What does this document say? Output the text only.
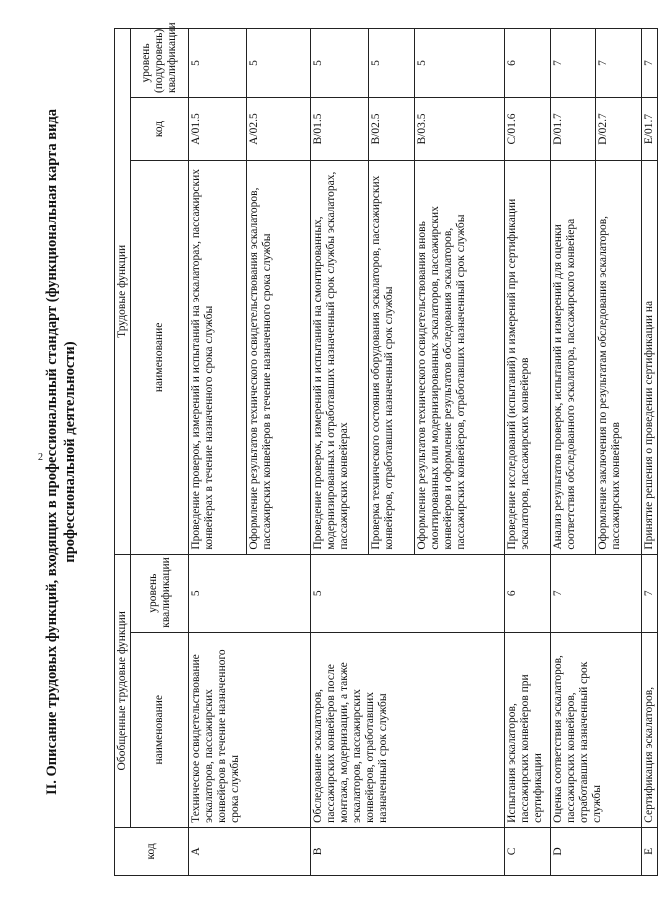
2 II. Описание трудовых функций, входящих в профессиональный стандарт (функциональная карта вида профессиональной деятельности)
код	Обобщенные трудовые функции		Трудовые функции		
	наименование	уровень квалификации	наименование	код	уровень (подуровень) квалификации
A	Техническое освидетельствование эскалаторов, пассажирских конвейеров в течение назначенного срока службы	5	Проведение проверок, измерений и испытаний на эскалаторах, пассажирских конвейерах в течение назначенного срока службы	A/01.5	5
			Оформление результатов технического освидетельствования эскалаторов, пассажирских конвейеров в течение назначенного срока службы	A/02.5	5
B	Обследование эскалаторов, пассажирских конвейеров после монтажа, модернизации, а также эскалаторов, пассажирских конвейеров, отработавших назначенный срок службы	5	Проведение проверок, измерений и испытаний на смонтированных, модернизированных и отработавших назначенный срок службы эскалаторах, пассажирских конвейерах	B/01.5	5
			Проверка технического состояния оборудования эскалаторов, пассажирских конвейеров, отработавших назначенный срок службы	B/02.5	5
			Оформление результатов технического освидетельствования вновь смонтированных или модернизированных эскалаторов, пассажирских конвейеров и оформление результатов обследования эскалаторов, пассажирских конвейеров, отработавших назначенный срок службы	B/03.5	5
C	Испытания эскалаторов, пассажирских конвейеров при сертификации	6	Проведение исследований (испытаний) и измерений при сертификации эскалаторов, пассажирских конвейеров	C/01.6	6
D	Оценка соответствия эскалаторов, пассажирских конвейеров, отработавших назначенный срок службы	7	Анализ результатов проверок, испытаний и измерений для оценки соответствия обследованного эскалатора, пассажирского конвейера	D/01.7	7
			Оформление заключения по результатам обследования эскалаторов, пассажирских конвейеров	D/02.7	7
E	Сертификация эскалаторов,	7	Принятие решения о проведении сертификации на	E/01.7	7
